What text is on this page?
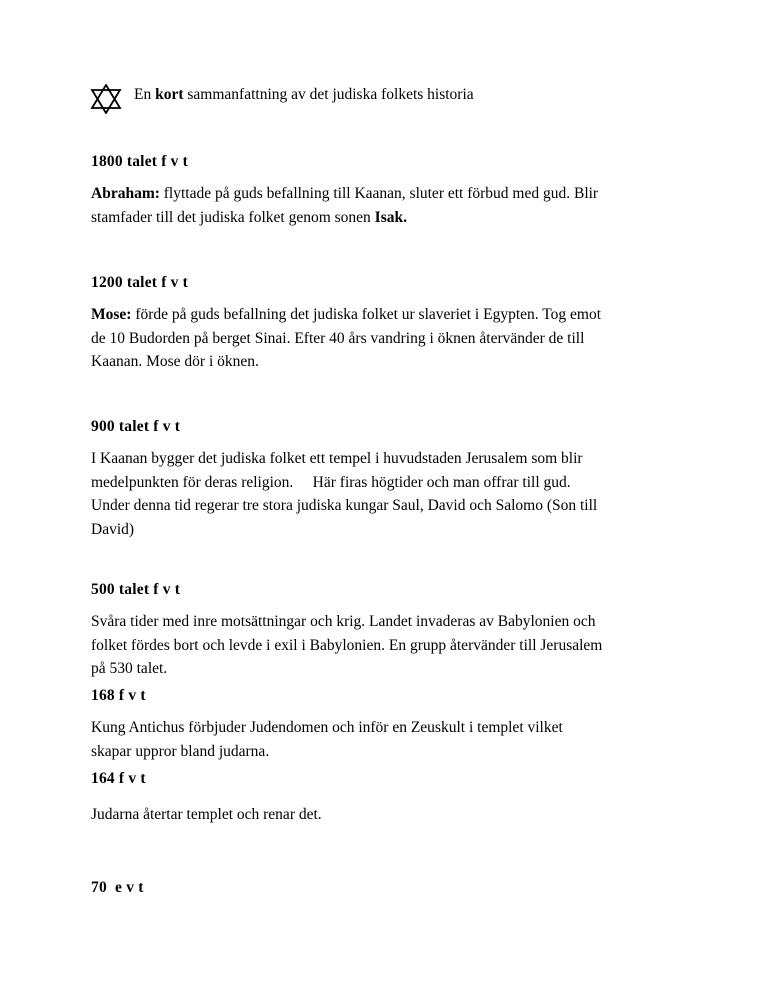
En kort sammanfattning av det judiska folkets historia
1800 talet f v t
Abraham: flyttade på guds befallning till Kaanan, sluter ett förbud med gud. Blir
stamfader till det judiska folket genom sonen Isak.
1200 talet f v t
Mose: förde på guds befallning det judiska folket ur slaveriet i Egypten. Tog emot
de 10 Budorden på berget Sinai. Efter 40 års vandring i öknen återvänder de till
Kaanan. Mose dör i öknen.
900 talet f v t
I Kaanan bygger det judiska folket ett tempel i huvudstaden Jerusalem som blir
medelpunkten för deras religion.     Här firas högtider och man offrar till gud.
Under denna tid regerar tre stora judiska kungar Saul, David och Salomo (Son till
David)
500 talet f v t
Svåra tider med inre motsättningar och krig. Landet invaderas av Babylonien och
folket fördes bort och levde i exil i Babylonien. En grupp återvänder till Jerusalem
på 530 talet.
168 f v t
Kung Antichus förbjuder Judendomen och inför en Zeuskult i templet vilket
skapar uppror bland judarna.
164 f v t
Judarna återtar templet och renar det.
70  e v t
